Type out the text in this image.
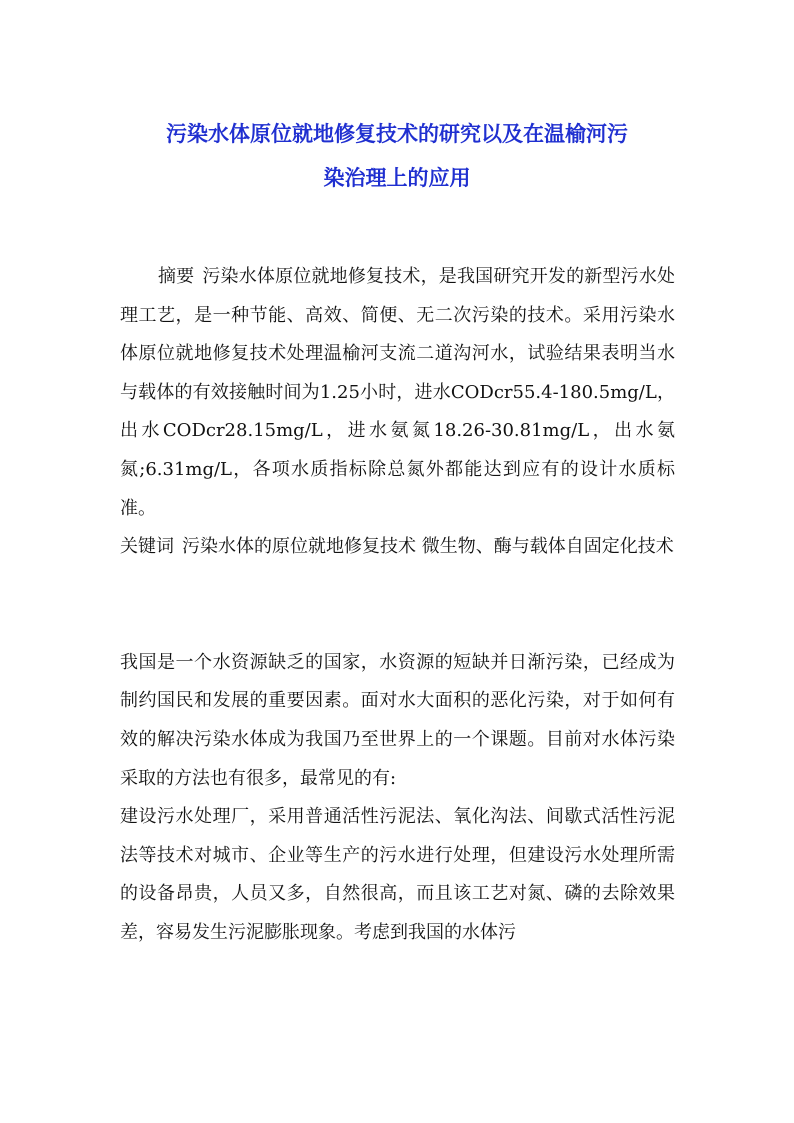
污染水体原位就地修复技术的研究以及在温榆河污
染治理上的应用

摘要 污染水体原位就地修复技术，是我国研究开发的新型污水处理工艺，是一种节能、高效、简便、无二次污染的技术。采用污染水体原位就地修复技术处理温榆河支流二道沟河水，试验结果表明当水与载体的有效接触时间为1.25小时，进水CODcr55.4-180.5mg/L，出水CODcr28.15mg/L，进水氨氮18.26-30.81mg/L，出水氨氮;6.31mg/L，各项水质指标除总氮外都能达到应有的设计水质标准。

关键词 污染水体的原位就地修复技术 微生物、酶与载体自固定化技术

我国是一个水资源缺乏的国家，水资源的短缺并日渐污染，已经成为制约国民和发展的重要因素。面对水大面积的恶化污染，对于如何有效的解决污染水体成为我国乃至世界上的一个课题。目前对水体污染采取的方法也有很多，最常见的有:

建设污水处理厂，采用普通活性污泥法、氧化沟法、间歇式活性污泥法等技术对城市、企业等生产的污水进行处理，但建设污水处理所需的设备昂贵，人员又多，自然很高，而且该工艺对氮、磷的去除效果差，容易发生污泥膨胀现象。考虑到我国的水体污
